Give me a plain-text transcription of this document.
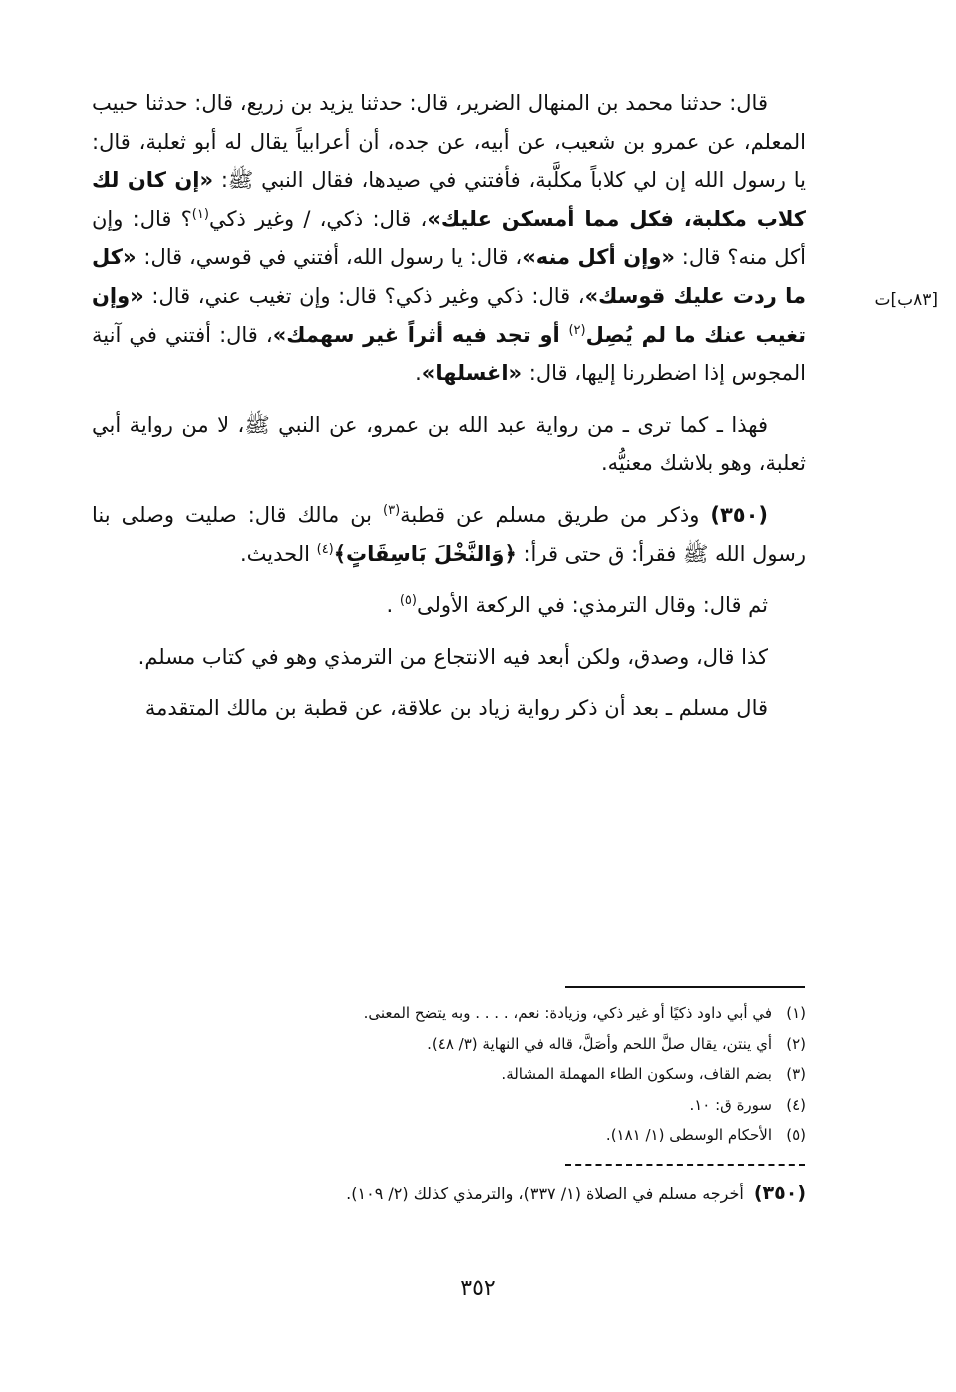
[٨٣ب]ت

قال: حدثنا محمد بن المنهال الضرير، قال: حدثنا يزيد بن زريع، قال: حدثنا حبيب المعلم، عن عمرو بن شعيب، عن أبيه، عن جده، أن أعرابياً يقال له أبو ثعلبة، قال: يا رسول الله إن لي كلاباً مكلَّبة، فأفتني في صيدها، فقال النبي ﷺ: «إن كان لك كلاب مكلبة، فكل مما أمسكن عليك»، قال: ذكي، / وغير ذكي$^{(١)}$؟ قال: وإن أكل منه؟ قال: «وإن أكل منه»، قال: يا رسول الله، أفتني في قوسي، قال: «كل ما ردت عليك قوسك»، قال: ذكي وغير ذكي؟ قال: وإن تغيب عني، قال: «وإن تغيب عنك ما لم يُصِل$^{(٢)}$ أو تجد فيه أثراً غير سهمك»، قال: أفتني في آنية المجوس إذا اضطررنا إليها، قال: «اغسلها».

فهذا ـ كما ترى ـ من رواية عبد الله بن عمرو، عن النبي ﷺ، لا من رواية أبي ثعلبة، وهو بلاشك معنيُّه.

(٣٥٠) وذكر من طريق مسلم عن قطبة$^{(٣)}$ بن مالك قال: صليت وصلى بنا رسول الله ﷺ فقرأ: ق حتى قرأ: ﴿وَالنَّخْلَ بَاسِقَاتٍ﴾$^{(٤)}$ الحديث.

ثم قال: وقال الترمذي: في الركعة الأولى$^{(٥)}$ .

كذا قال، وصدق، ولكن أبعد فيه الانتجاع من الترمذي وهو في كتاب مسلم.

قال مسلم ـ بعد أن ذكر رواية زياد بن علاقة، عن قطبة بن مالك المتقدمة

(١)في أبي داود ذكيًا أو غير ذكي، وزيادة: نعم، . . . . وبه يتضح المعنى.
(٢)أي ينتن، يقال صلَّ اللحم وأصَلَّ، قاله في النهاية (٣/ ٤٨).
(٣)بضم القاف، وسكون الطاء المهملة المشالة.
(٤)سورة ق: ١٠.
(٥)الأحكام الوسطى (١/ ١٨١).
(٣٥٠)أخرجه مسلم في الصلاة (١/ ٣٣٧)، والترمذي كذلك (٢/ ١٠٩).
٣٥٢
